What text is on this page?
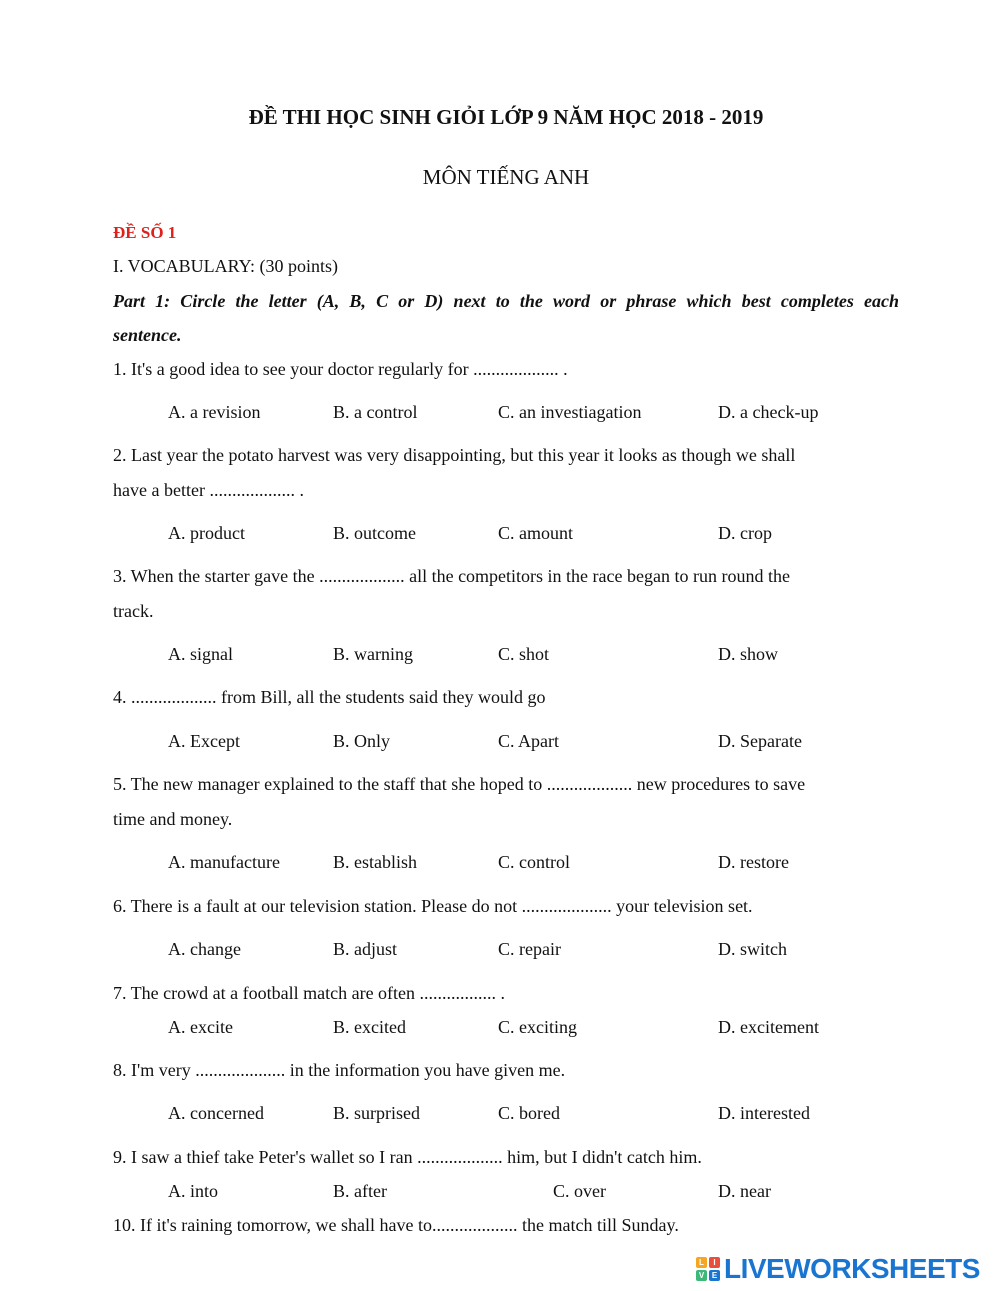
ĐỀ THI HỌC SINH GIỎI LỚP 9 NĂM HỌC 2018 - 2019
MÔN TIẾNG ANH
ĐỀ SỐ 1
I. VOCABULARY: (30 points)
Part 1: Circle the letter (A, B, C or D) next to the word or phrase which best completes each
sentence.
1. It's a good idea to see your doctor regularly for ................... .
A. a revision	B. a control	C. an investiagation	D. a check-up
2. Last year the potato harvest was very disappointing, but this year it looks as though we shall
have a better ................... .
A. product	B. outcome	C. amount	D. crop
3. When the starter gave the ................... all the competitors in the race began to run round the
track.
A. signal	B. warning	C. shot	D. show
4. ................... from Bill, all the students said they would go
A. Except	B. Only	C. Apart	D. Separate
5. The new manager explained to the staff that she hoped to ................... new procedures to save
time and money.
A. manufacture	B. establish	C. control	D. restore
6. There is a fault at our television station. Please do not .................... your television set.
A. change	B. adjust	C. repair	D. switch
7. The crowd at a football match are often ................. .
A. excite	B. excited	C. exciting	D. excitement
8. I'm very .................... in the information you have given me.
A. concerned	B. surprised	C. bored	D. interested
9. I saw a thief take Peter's wallet so I ran ................... him, but I didn't catch him.
A. into	B. after	C. over	D. near
10. If it's raining tomorrow, we shall have to................... the match till Sunday.
L	I
V E LIVEWORKSHEETS
